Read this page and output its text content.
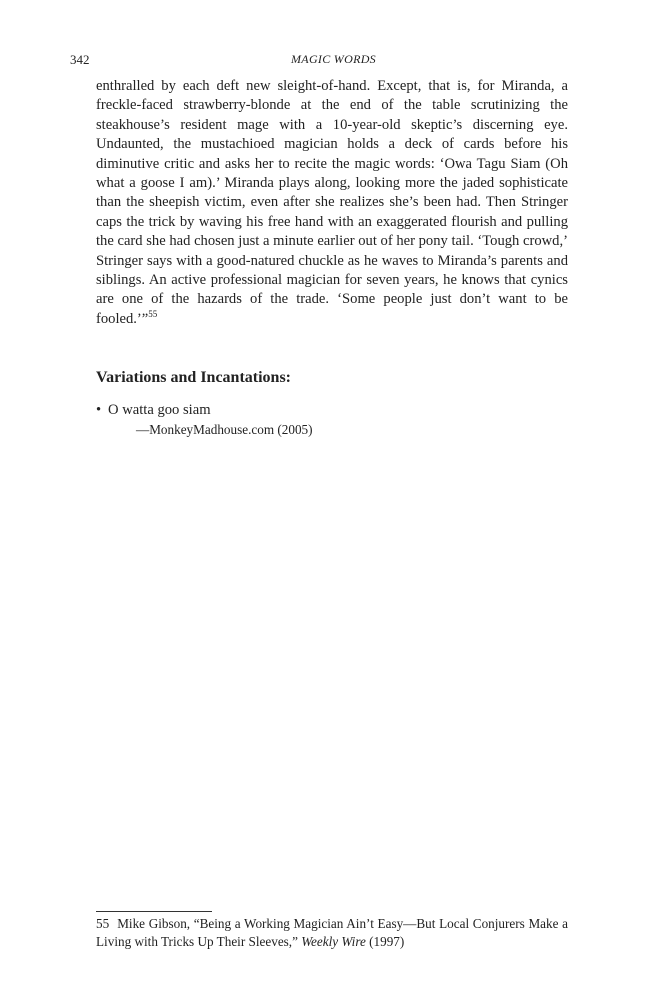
342	MAGIC WORDS

enthralled by each deft new sleight-of-hand. Except, that is, for Miranda, a freckle-faced strawberry-blonde at the end of the table scrutinizing the steakhouse’s resident mage with a 10-year-old skeptic’s discerning eye. Undaunted, the mustachioed magician holds a deck of cards before his diminutive critic and asks her to recite the magic words: ‘Owa Tagu Siam (Oh what a goose I am).’ Miranda plays along, looking more the jaded sophisticate than the sheepish victim, even after she realizes she’s been had. Then Stringer caps the trick by waving his free hand with an exaggerated flourish and pulling the card she had chosen just a minute earlier out of her pony tail. ‘Tough crowd,’ Stringer says with a good-natured chuckle as he waves to Miranda’s parents and siblings. An active professional magician for seven years, he knows that cynics are one of the hazards of the trade. ‘Some people just don’t want to be fooled.’”$^{55}$

Variations and Incantations:
• O watta goo siam
—MonkeyMadhouse.com (2005)

55 Mike Gibson, “Being a Working Magician Ain’t Easy—But Local Conjurers Make a Living with Tricks Up Their Sleeves,” Weekly Wire (1997)
